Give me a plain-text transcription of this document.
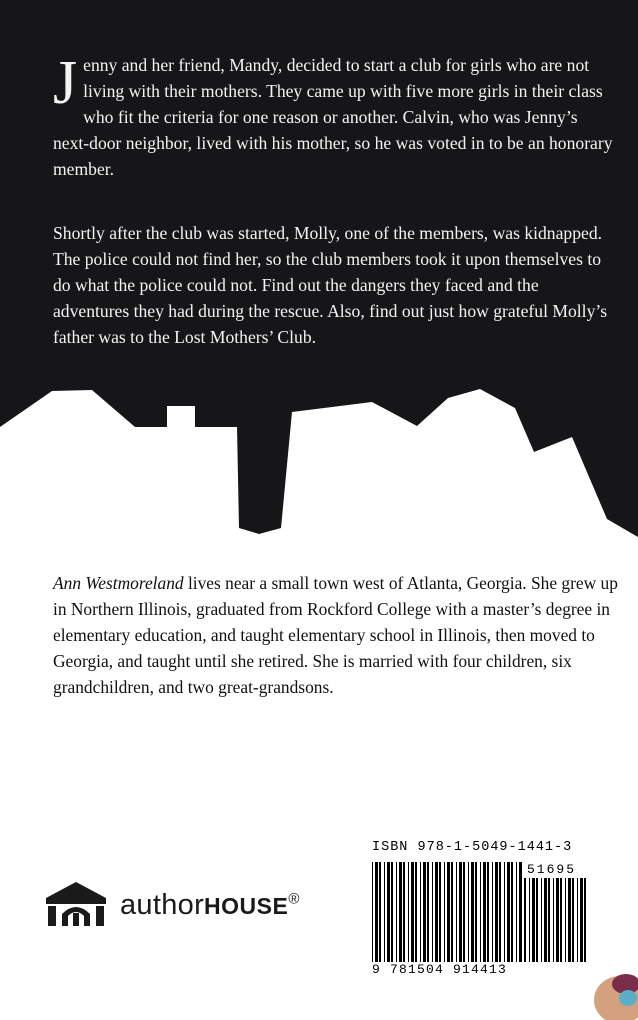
Jenny and her friend, Mandy, decided to start a club for girls who are not living with their mothers. They came up with five more girls in their class who fit the criteria for one reason or another. Calvin, who was Jenny’s next-door neighbor, lived with his mother, so he was voted in to be an honorary member.

Shortly after the club was started, Molly, one of the members, was kidnapped. The police could not find her, so the club members took it upon themselves to do what the police could not. Find out the dangers they faced and the adventures they had during the rescue. Also, find out just how grateful Molly’s father was to the Lost Mothers’ Club.

Ann Westmoreland lives near a small town west of Atlanta, Georgia. She grew up in Northern Illinois, graduated from Rockford College with a master’s degree in elementary education, and taught elementary school in Illinois, then moved to Georgia, and taught until she retired. She is married with four children, six grandchildren, and two great-grandsons.

authorHOUSE®

ISBN 978-1-5049-1441-3

51695

9 781504 914413
